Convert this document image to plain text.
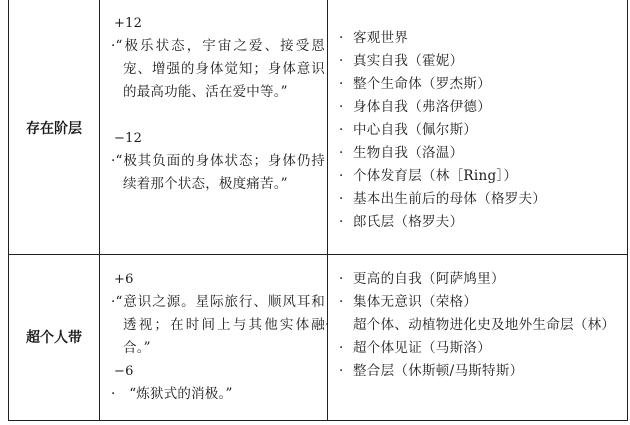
存在阶层
+12
·“极乐状态，宇宙之爱、接受恩宠、增强的身体觉知；身体意识的最高功能、活在爱中等。”
−12
·“极其负面的身体状态；身体仍持续着那个状态，极度痛苦。”
· 客观世界
· 真实自我（霍妮）
· 整个生命体（罗杰斯）
· 身体自我（弗洛伊德）
· 中心自我（佩尔斯）
· 生物自我（洛温）
· 个体发育层（林［Ring］）
· 基本出生前后的母体（格罗夫）
· 郎氏层（格罗夫）
超个人带
+6
·“意识之源。星际旅行、顺风耳和透视；在时间上与其他实体融合。”
−6
·　“炼狱式的消极。”
· 更高的自我（阿萨鸠里）
· 集体无意识（荣格）
· 超个体、动植物进化史及地外生命层（林）
· 超个体见证（马斯洛）
· 整合层（休斯顿/马斯特斯）
